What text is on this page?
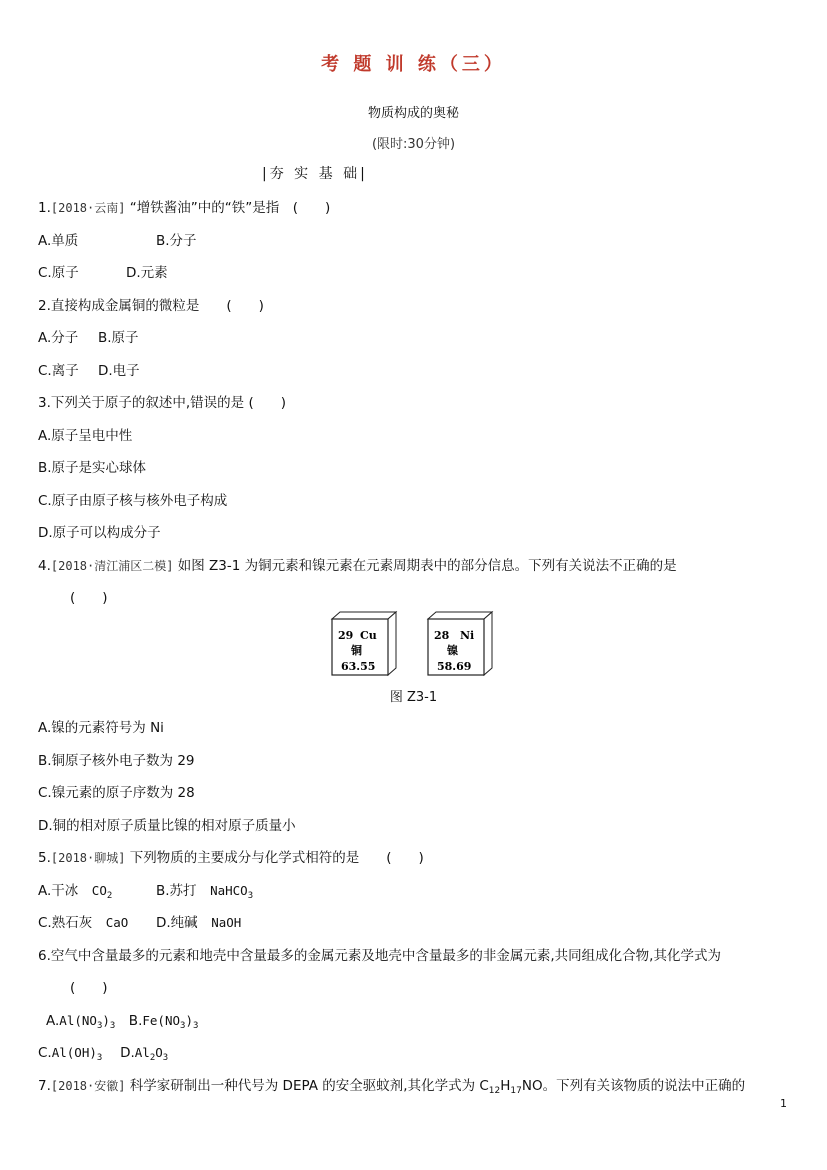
考 题 训 练（三）
物质构成的奥秘
(限时:30分钟)
|夯 实 基 础|
1.[2018·云南] “增铁酱油”中的“铁”是指　(　　)
A.单质	B.分子
C.原子	D.元素
2.直接构成金属铜的微粒是　　(　　)
A.分子 B.原子
C.离子 D.电子
3.下列关于原子的叙述中,错误的是 (　　)
A.原子呈电中性
B.原子是实心球体
C.原子由原子核与核外电子构成
D.原子可以构成分子
4.[2018·清江浦区二模] 如图 Z3-1 为铜元素和镍元素在元素周期表中的部分信息。下列有关说法不正确的是
(　　)
29 Cu
铜
63.55
28 Ni
镍
58.69
图 Z3-1
A.镍的元素符号为 Ni
B.铜原子核外电子数为 29
C.镍元素的原子序数为 28
D.铜的相对原子质量比镍的相对原子质量小
5.[2018·聊城] 下列物质的主要成分与化学式相符的是　　(　　)
A.干冰　$CO_2$	B.苏打　NaHCO$_3$
C.熟石灰　CaO D.纯碱　NaOH
6.空气中含量最多的元素和地壳中含量最多的金属元素及地壳中含量最多的非金属元素,共同组成化合物,其化学式为
(　　)
$A.Al(NO_3)_3$　$B.Fe(NO_3)_3$
$C.Al(OH)_3$　 $D.Al_2O_3$
7.[2018·安徽] 科学家研制出一种代号为 DEPA 的安全驱蚊剂,其化学式为 $C_{12}H_{17}NO$。下列有关该物质的说法中正确的
1
